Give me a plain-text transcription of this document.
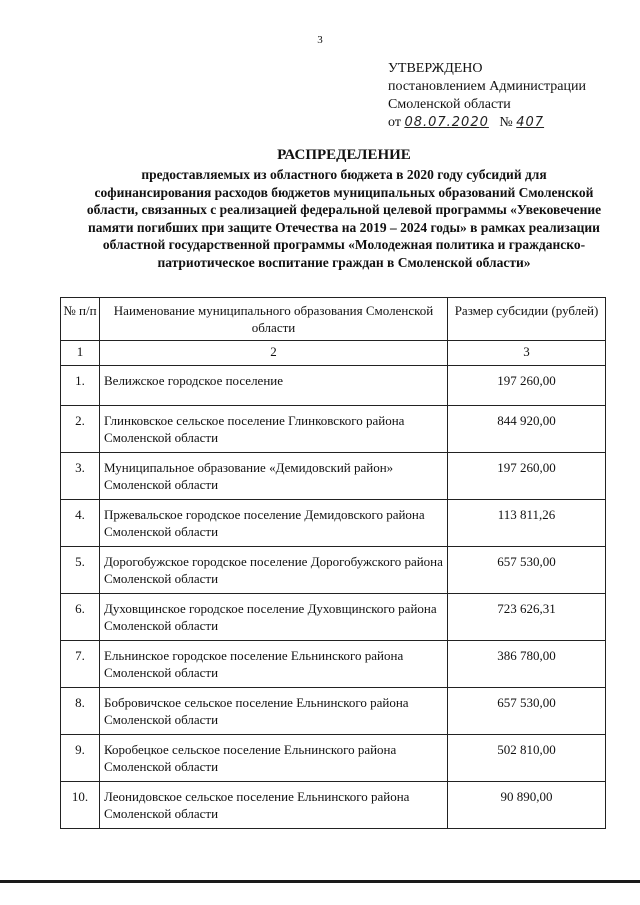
3
УТВЕРЖДЕНО
постановлением Администрации
Смоленской области
от 08.07.2020 № 407
РАСПРЕДЕЛЕНИЕ
предоставляемых из областного бюджета в 2020 году субсидий для софинансирования расходов бюджетов муниципальных образований Смоленской области, связанных с реализацией федеральной целевой программы «Увековечение памяти погибших при защите Отечества на 2019 – 2024 годы» в рамках реализации областной государственной программы «Молодежная политика и гражданско-патриотическое воспитание граждан в Смоленской области»
№ п/п	Наименование муниципального образования Смоленской области	Размер субсидии (рублей)
1	2	3
1.	Велижское городское поселение	197 260,00
2.	Глинковское сельское поселение Глинковского района Смоленской области	844 920,00
3.	Муниципальное образование «Демидовский район» Смоленской области	197 260,00
4.	Пржевальское городское поселение Демидовского района Смоленской области	113 811,26
5.	Дорогобужское городское поселение Дорогобужского района Смоленской области	657 530,00
6.	Духовщинское городское поселение Духовщинского района Смоленской области	723 626,31
7.	Ельнинское городское поселение Ельнинского района Смоленской области	386 780,00
8.	Бобровичское сельское поселение Ельнинского района Смоленской области	657 530,00
9.	Коробецкое сельское поселение Ельнинского района Смоленской области	502 810,00
10.	Леонидовское сельское поселение Ельнинского района Смоленской области	90 890,00
